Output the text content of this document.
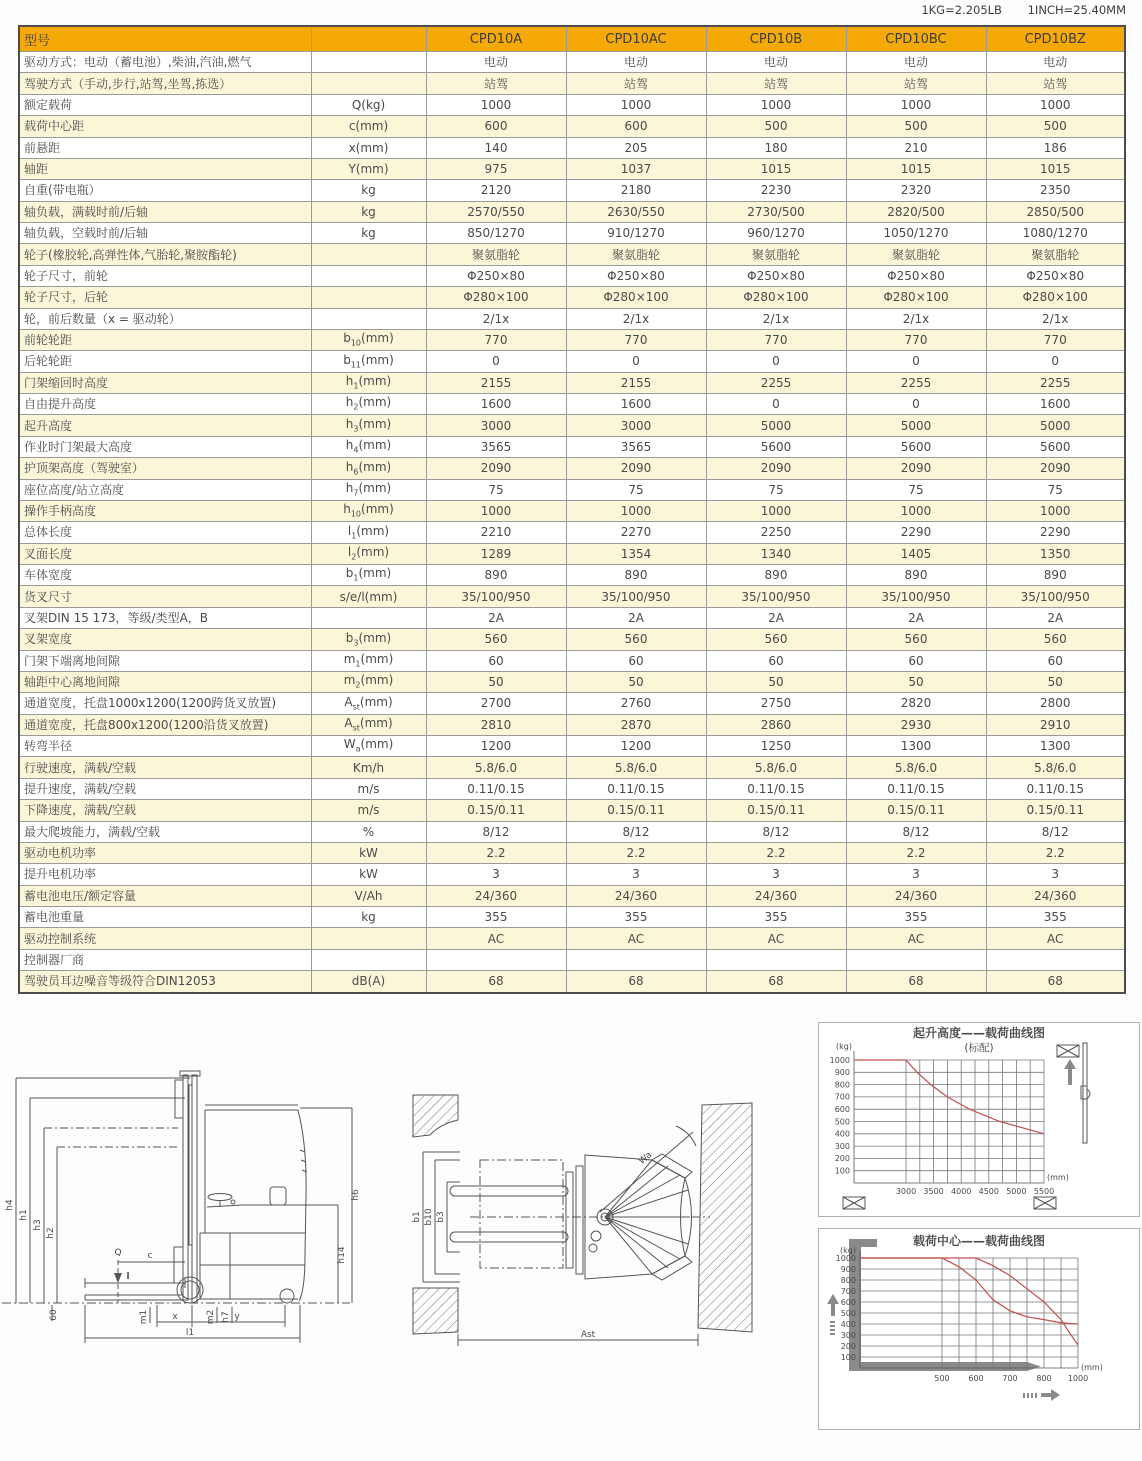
1KG=2.205LB 1INCH=25.40MM
型号		CPD10A	CPD10AC	CPD10B	CPD10BC	CPD10BZ
驱动方式：电动（蓄电池）,柴油,汽油,燃气		电动	电动	电动	电动	电动
驾驶方式（手动,步行,站驾,坐驾,拣选）		站驾	站驾	站驾	站驾	站驾
额定载荷	Q(kg)	1000	1000	1000	1000	1000
载荷中心距	c(mm)	600	600	500	500	500
前悬距	x(mm)	140	205	180	210	186
轴距	Y(mm)	975	1037	1015	1015	1015
自重(带电瓶）	kg	2120	2180	2230	2320	2350
轴负载，满载时前/后轴	kg	2570/550	2630/550	2730/500	2820/500	2850/500
轴负载，空载时前/后轴	kg	850/1270	910/1270	960/1270	1050/1270	1080/1270
轮子(橡胶轮,高弹性体,气胎轮,聚胺酯轮)		聚氨脂轮	聚氨脂轮	聚氨脂轮	聚氨脂轮	聚氨脂轮
轮子尺寸，前轮		Φ250×80	Φ250×80	Φ250×80	Φ250×80	Φ250×80
轮子尺寸，后轮		Φ280×100	Φ280×100	Φ280×100	Φ280×100	Φ280×100
轮，前后数量（x = 驱动轮）		2/1x	2/1x	2/1x	2/1x	2/1x
前轮轮距	$b_{10}(mm)$	770	770	770	770	770
后轮轮距	$b_{11}(mm)$	0	0	0	0	0
门架缩回时高度	$h_1(mm)$	2155	2155	2255	2255	2255
自由提升高度	$h_2(mm)$	1600	1600	0	0	1600
起升高度	$h_3(mm)$	3000	3000	5000	5000	5000
作业时门架最大高度	$h_4(mm)$	3565	3565	5600	5600	5600
护顶架高度（驾驶室）	$h_6(mm)$	2090	2090	2090	2090	2090
座位高度/站立高度	$h_7(mm)$	75	75	75	75	75
操作手柄高度	$h_{10}(mm)$	1000	1000	1000	1000	1000
总体长度	$l_1(mm)$	2210	2270	2250	2290	2290
叉面长度	$l_2(mm)$	1289	1354	1340	1405	1350
车体宽度	$b_1(mm)$	890	890	890	890	890
货叉尺寸	s/e/l(mm)	35/100/950	35/100/950	35/100/950	35/100/950	35/100/950
叉架DIN 15 173，等级/类型A，B		2A	2A	2A	2A	2A
叉架宽度	$b_3(mm)$	560	560	560	560	560
门架下端离地间隙	$m_1(mm)$	60	60	60	60	60
轴距中心离地间隙	$m_2(mm)$	50	50	50	50	50
通道宽度，托盘1000x1200(1200跨货叉放置)	$A_{st}(mm)$	2700	2760	2750	2820	2800
通道宽度，托盘800x1200(1200沿货叉放置)	$A_{st}(mm)$	2810	2870	2860	2930	2910
转弯半径	$W_a(mm)$	1200	1200	1250	1300	1300
行驶速度，满载/空载	Km/h	5.8/6.0	5.8/6.0	5.8/6.0	5.8/6.0	5.8/6.0
提升速度，满载/空载	m/s	0.11/0.15	0.11/0.15	0.11/0.15	0.11/0.15	0.11/0.15
下降速度，满载/空载	m/s	0.15/0.11	0.15/0.11	0.15/0.11	0.15/0.11	0.15/0.11
最大爬坡能力，满载/空载	%	8/12	8/12	8/12	8/12	8/12
驱动电机功率	kW	2.2	2.2	2.2	2.2	2.2
提升电机功率	kW	3	3	3	3	3
蓄电池电压/额定容量	V/Ah	24/360	24/360	24/360	24/360	24/360
蓄电池重量	kg	355	355	355	355	355
驱动控制系统		AC	AC	AC	AC	AC
控制器厂商						
驾驶员耳边噪音等级符合DIN12053	dB(A)	68	68	68	68	68
h4
h1
h3
h2
h6
h14
Q	c
l
60	m1	x	m2 h7 y
l1
b1 b10 b3
Wa
Ast
100
200
300
400
500
600
700
800
900
1000
3000 3500 4000 4500 5000 5500
(kg)
(mm)
起升高度——载荷曲线图
(标配)
100
200
300
400
500
600
700
800
900
1000
500 600 700 800 1000
(kg)
(mm)
载荷中心——载荷曲线图
